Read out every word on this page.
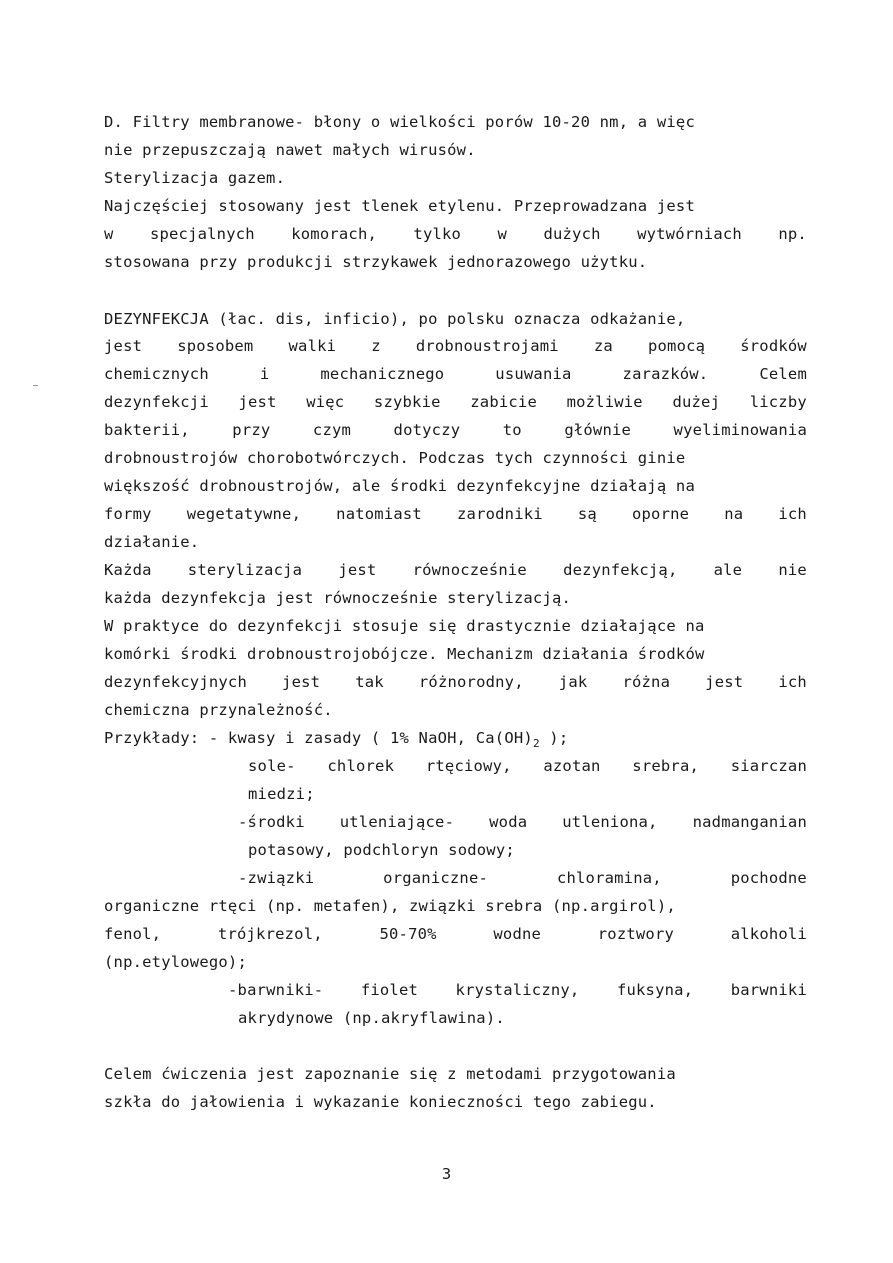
D. Filtry membranowe- błony o wielkości porów 10-20 nm, a więc
nie przepuszczają nawet małych wirusów.
Sterylizacja gazem.
Najczęściej stosowany jest tlenek etylenu. Przeprowadzana jest
w specjalnych komorach, tylko w dużych wytwórniach np.
stosowana przy produkcji strzykawek jednorazowego użytku.
DEZYNFEKCJA (łac. dis, inficio), po polsku oznacza odkażanie,
jest sposobem walki z drobnoustrojami za pomocą środków
chemicznych	i	mechanicznego	usuwania	zarazków.	Celem
dezynfekcji jest więc szybkie zabicie możliwie dużej liczby
bakterii,	przy	czym	dotyczy	to	głównie	wyeliminowania
drobnoustrojów chorobotwórczych. Podczas tych czynności ginie
większość drobnoustrojów, ale środki dezynfekcyjne działają na
formy wegetatywne, natomiast zarodniki są oporne na ich
działanie.
Każda sterylizacja jest równocześnie dezynfekcją, ale nie
każda dezynfekcja jest równocześnie sterylizacją.
W praktyce do dezynfekcji stosuje się drastycznie działające na
komórki środki drobnoustrojobójcze. Mechanizm działania środków
dezynfekcyjnych jest tak różnorodny, jak różna jest ich
chemiczna przynależność.
Przykłady: - kwasy i zasady ( 1% NaOH, $Ca(OH)_2$ );
sole- chlorek rtęciowy, azotan srebra, siarczan
miedzi;
-środki utleniające- woda utleniona, nadmanganian
potasowy, podchloryn sodowy;
-związki	organiczne-	chloramina,	pochodne
organiczne rtęci (np. metafen), związki srebra (np.argirol),
fenol,	trójkrezol,	50-70%	wodne	roztwory	alkoholi
(np.etylowego);
-barwniki- fiolet krystaliczny, fuksyna, barwniki
akrydynowe (np.akryflawina).
Celem ćwiczenia jest zapoznanie się z metodami przygotowania
szkła do jałowienia i wykazanie konieczności tego zabiegu.
3
